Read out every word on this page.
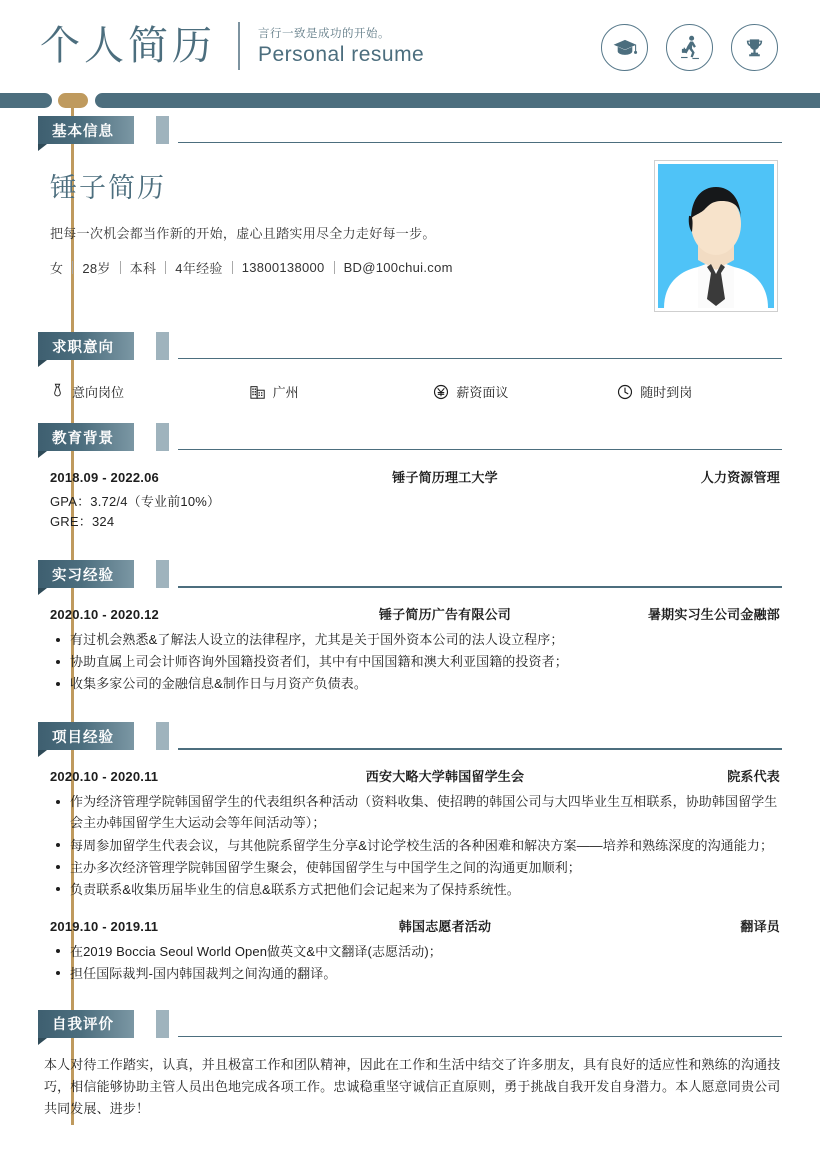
个人简历	言行一致是成功的开始。
Personal resume
基本信息
锤子简历
把每一次机会都当作新的开始，虚心且踏实用尽全力走好每一步。
女 28岁 本科 4年经验 13800138000 BD@100chui.com
求职意向
意向岗位	广州	薪资面议	随时到岗
教育背景
2018.09 - 2022.06	锤子简历理工大学	人力资源管理
GPA：3.72/4（专业前10%）
GRE：324
实习经验
2020.10 - 2020.12	锤子简历广告有限公司	暑期实习生公司金融部
有过机会熟悉&了解法人设立的法律程序，尤其是关于国外资本公司的法人设立程序；
协助直属上司会计师咨询外国籍投资者们，其中有中国国籍和澳大利亚国籍的投资者；
收集多家公司的金融信息&制作日与月资产负债表。
项目经验
2020.10 - 2020.11	西安大略大学韩国留学生会	院系代表
作为经济管理学院韩国留学生的代表组织各种活动（资料收集、使招聘的韩国公司与大四毕业生互相联系，协助韩国留学生会主办韩国留学生大运动会等年间活动等）；
每周参加留学生代表会议，与其他院系留学生分享&讨论学校生活的各种困难和解决方案——培养和熟练深度的沟通能力；
主办多次经济管理学院韩国留学生聚会，使韩国留学生与中国学生之间的沟通更加顺利；
负责联系&收集历届毕业生的信息&联系方式把他们会记起来为了保持系统性。
2019.10 - 2019.11	韩国志愿者活动	翻译员
在2019 Boccia Seoul World Open做英文&中文翻译(志愿活动)；
担任国际裁判-国内韩国裁判之间沟通的翻译。
自我评价
本人对待工作踏实，认真，并且极富工作和团队精神，因此在工作和生活中结交了许多朋友，具有良好的适应性和熟练的沟通技巧，相信能够协助主管人员出色地完成各项工作。忠诚稳重坚守诚信正直原则，勇于挑战自我开发自身潜力。本人愿意同贵公司共同发展、进步！
